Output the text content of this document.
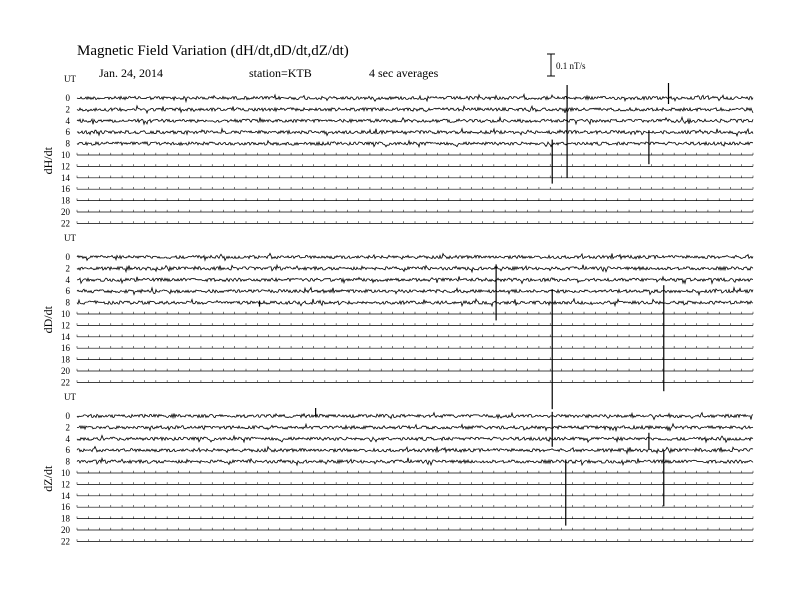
Magnetic Field Variation (dH/dt,dD/dt,dZ/dt)
Jan. 24, 2014	station=KTB	4 sec averages	0.1 nT/s
UT
dH/dt
0
2
4
6
8
10
12
14
16
18
20
22
UT
dD/dt
0
2
4
6
8
10
12
14
16
18
20
22
UT
dZ/dt
0
2
4
6
8
10
12
14
16
18
20
22
